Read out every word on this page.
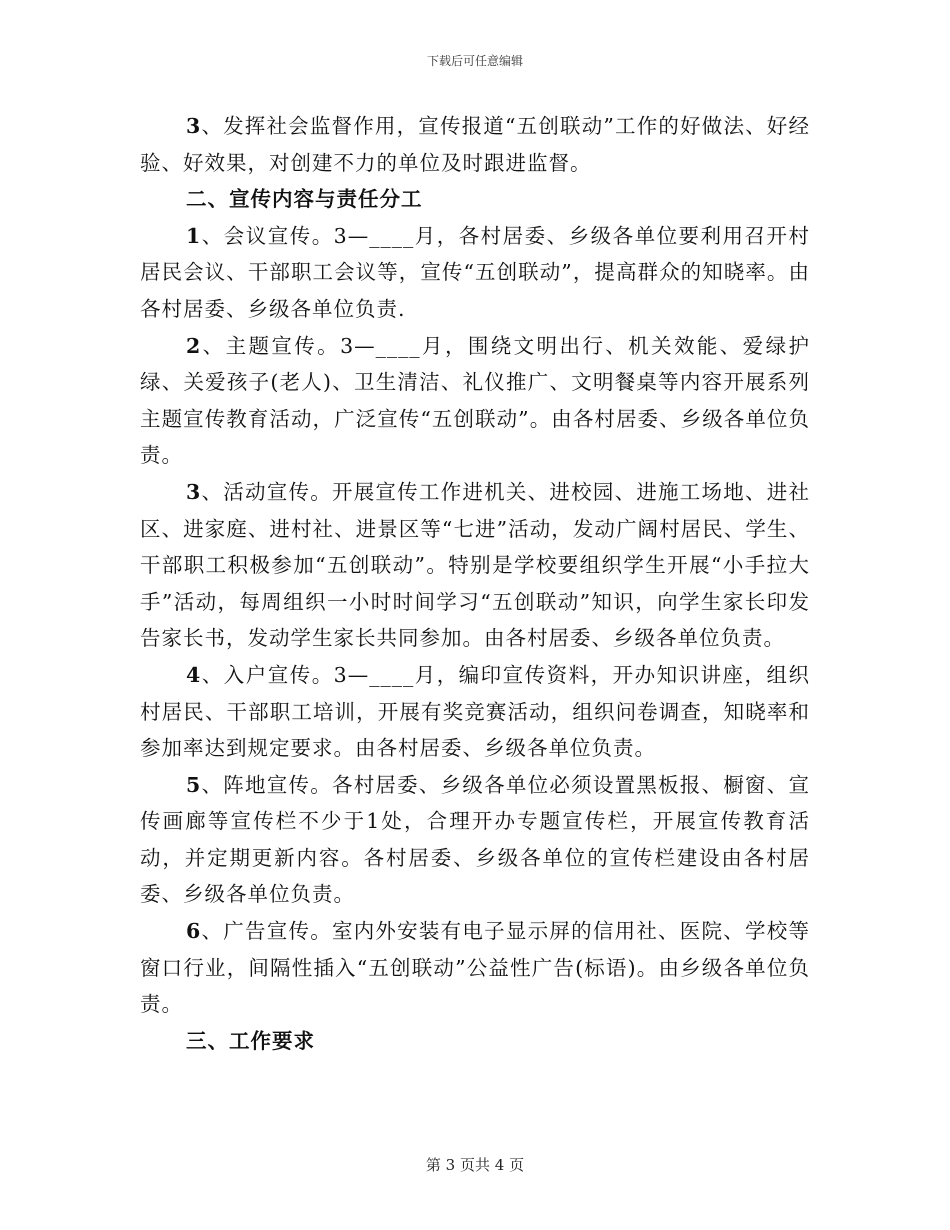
下载后可任意编辑

3、发挥社会监督作用，宣传报道“五创联动”工作的好做法、好经验、好效果，对创建不力的单位及时跟进监督。

二、宣传内容与责任分工

1、会议宣传。3—____月，各村居委、乡级各单位要利用召开村居民会议、干部职工会议等，宣传“五创联动”，提高群众的知晓率。由各村居委、乡级各单位负责.

2、主题宣传。3—____月，围绕文明出行、机关效能、爱绿护绿、关爱孩子(老人)、卫生清洁、礼仪推广、文明餐桌等内容开展系列主题宣传教育活动，广泛宣传“五创联动”。由各村居委、乡级各单位负责。

3、活动宣传。开展宣传工作进机关、进校园、进施工场地、进社区、进家庭、进村社、进景区等“七进”活动，发动广阔村居民、学生、干部职工积极参加“五创联动”。特别是学校要组织学生开展“小手拉大手”活动，每周组织一小时时间学习“五创联动”知识，向学生家长印发告家长书，发动学生家长共同参加。由各村居委、乡级各单位负责。

4、入户宣传。3—____月，编印宣传资料，开办知识讲座，组织村居民、干部职工培训，开展有奖竞赛活动，组织问卷调查，知晓率和参加率达到规定要求。由各村居委、乡级各单位负责。

5、阵地宣传。各村居委、乡级各单位必须设置黑板报、橱窗、宣传画廊等宣传栏不少于1处，合理开办专题宣传栏，开展宣传教育活动，并定期更新内容。各村居委、乡级各单位的宣传栏建设由各村居委、乡级各单位负责。

6、广告宣传。室内外安装有电子显示屏的信用社、医院、学校等窗口行业，间隔性插入“五创联动”公益性广告(标语)。由乡级各单位负责。

三、工作要求

第 3 页共 4 页
